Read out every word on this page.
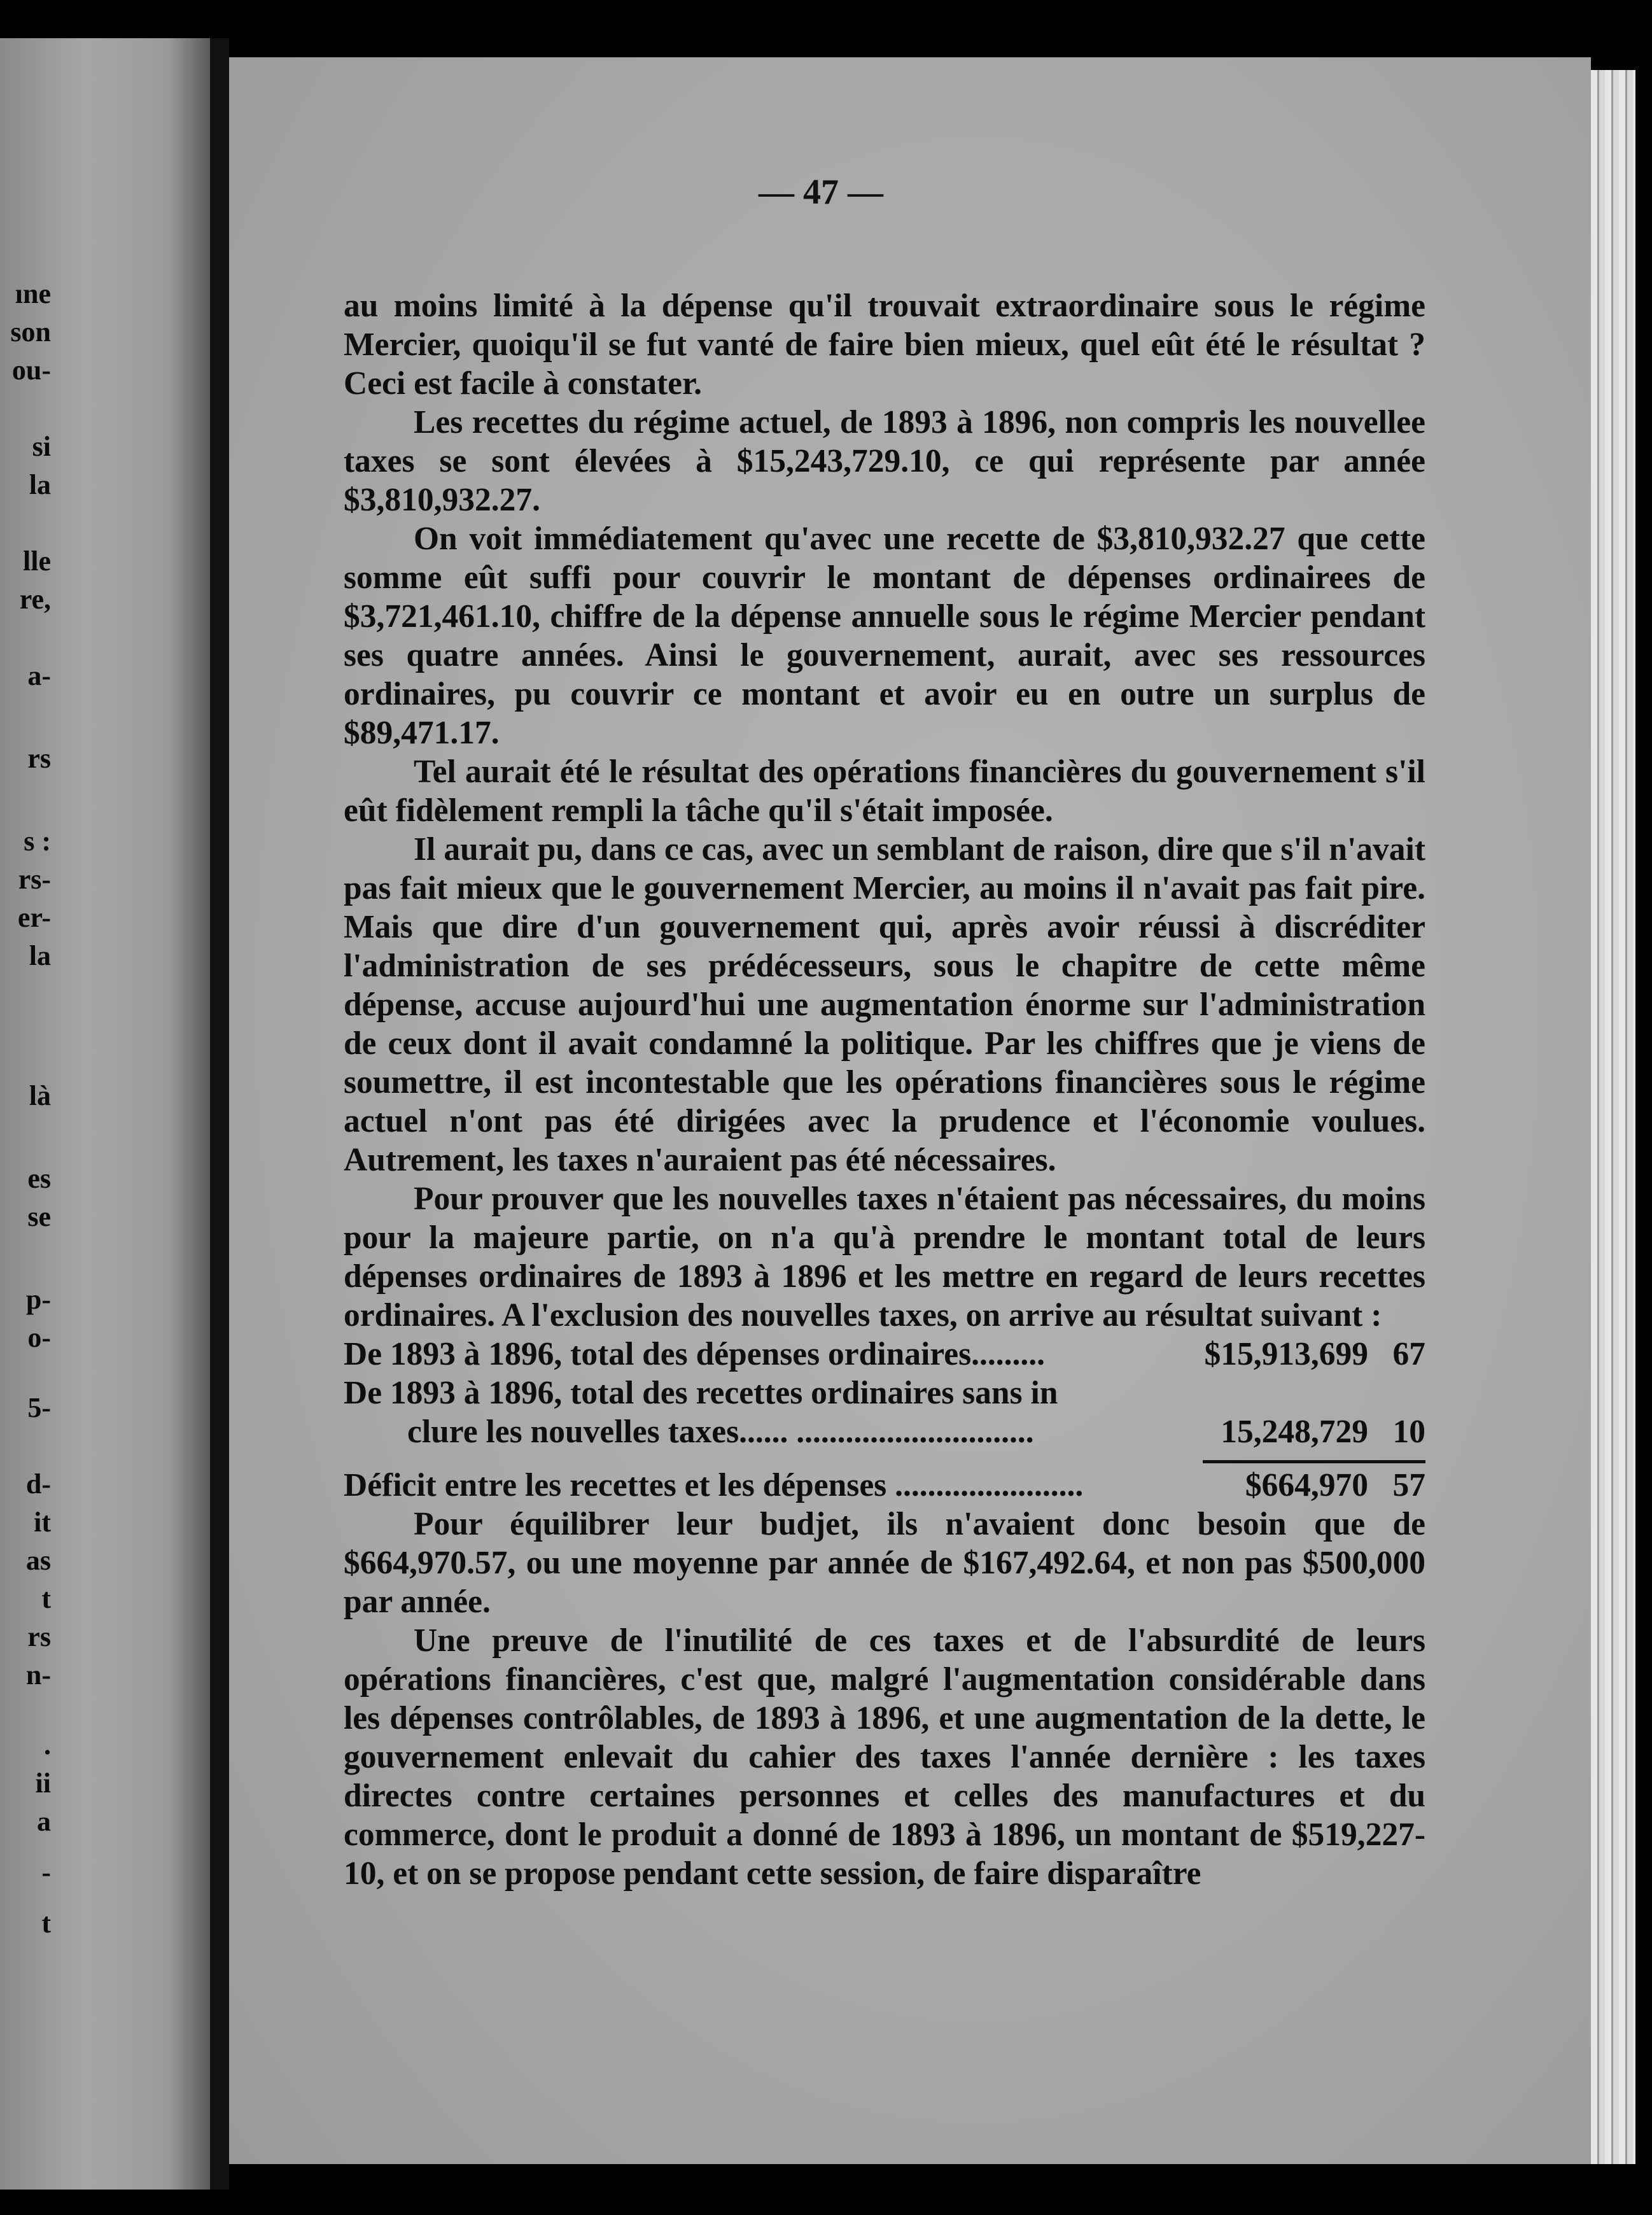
ıne
son
ou-
si
la
lle
re,
a-
rs
s :
rs-
er-
la
là
es
se
p-
o-
5-
d-
it
as
t
rs
n-
.
ii
a
-
t
— 47 —

au moins limité à la dépense qu'il trouvait extraordinaire sous le régime Mercier, quoiqu'il se fut vanté de faire bien mieux, quel eût été le résultat ? Ceci est facile à constater.

Les recettes du régime actuel, de 1893 à 1896, non compris les nouvellee taxes se sont élevées à $15,243,729.10, ce qui représente par année $3,810,932.27.

On voit immédiatement qu'avec une recette de $3,810,932.27 que cette somme eût suffi pour couvrir le montant de dépenses ordinairees de $3,721,461.10, chiffre de la dépense annuelle sous le régime Mercier pendant ses quatre années. Ainsi le gouvernement, aurait, avec ses ressources ordinaires, pu couvrir ce montant et avoir eu en outre un surplus de $89,471.17.

Tel aurait été le résultat des opérations financières du gouvernement s'il eût fidèlement rempli la tâche qu'il s'était imposée.

Il aurait pu, dans ce cas, avec un semblant de raison, dire que s'il n'avait pas fait mieux que le gouvernement Mercier, au moins il n'avait pas fait pire. Mais que dire d'un gouvernement qui, après avoir réussi à discréditer l'administration de ses prédécesseurs, sous le chapitre de cette même dépense, accuse aujourd'hui une augmentation énorme sur l'administration de ceux dont il avait condamné la politique. Par les chiffres que je viens de soumettre, il est incontestable que les opérations financières sous le régime actuel n'ont pas été dirigées avec la prudence et l'économie voulues. Autrement, les taxes n'auraient pas été nécessaires.

Pour prouver que les nouvelles taxes n'étaient pas nécessaires, du moins pour la majeure partie, on n'a qu'à prendre le montant total de leurs dépenses ordinaires de 1893 à 1896 et les mettre en regard de leurs recettes ordinaires. A l'exclusion des nouvelles taxes, on arrive au résultat suivant :

De 1893 à 1896, total des dépenses ordinaires.........	$15,913,699 67
De 1893 à 1896, total des recettes ordinaires sans in
clure les nouvelles taxes...... .............................	15,248,729 10
Déficit entre les recettes et les dépenses .......................	$664,970 57

Pour équilibrer leur budjet, ils n'avaient donc besoin que de $664,970.57, ou une moyenne par année de $167,492.64, et non pas $500,000 par année.

Une preuve de l'inutilité de ces taxes et de l'absurdité de leurs opérations financières, c'est que, malgré l'augmentation considérable dans les dépenses contrôlables, de 1893 à 1896, et une augmentation de la dette, le gouvernement enlevait du cahier des taxes l'année dernière : les taxes directes contre certaines personnes et celles des manufactures et du commerce, dont le produit a donné de 1893 à 1896, un montant de $519,227-10, et on se propose pendant cette session, de faire disparaître
